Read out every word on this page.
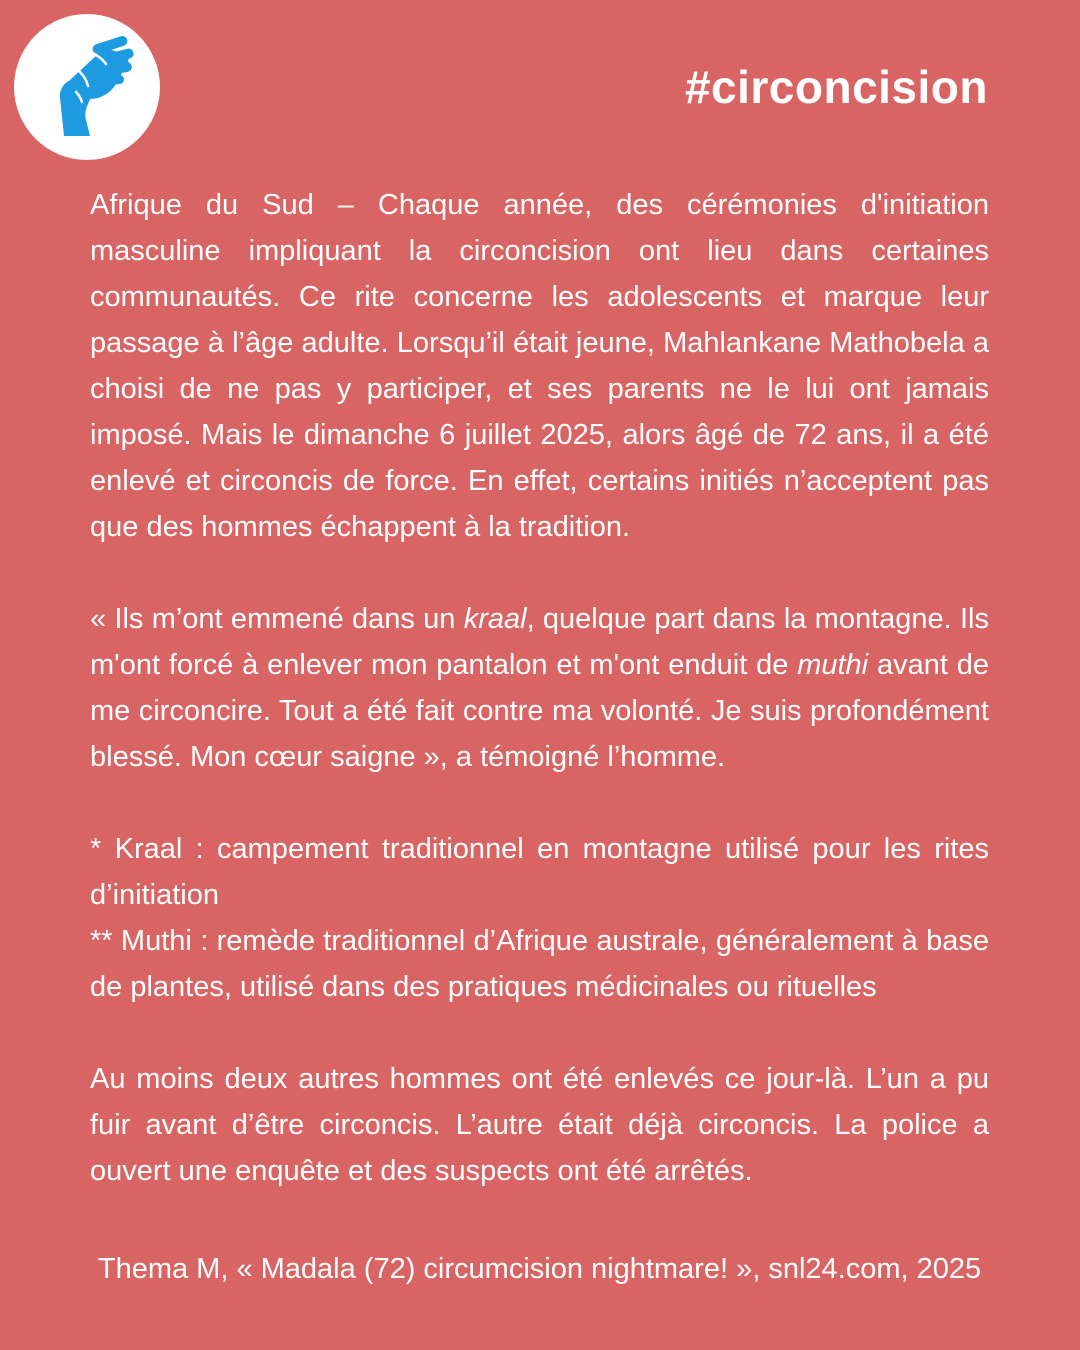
#circoncision

Afrique du Sud – Chaque année, des cérémonies d'initiation masculine impliquant la circoncision ont lieu dans certaines communautés. Ce rite concerne les adolescents et marque leur passage à l’âge adulte. Lorsqu’il était jeune, Mahlankane Mathobela a choisi de ne pas y participer, et ses parents ne le lui ont jamais imposé. Mais le dimanche 6 juillet 2025, alors âgé de 72 ans, il a été enlevé et circoncis de force. En effet, certains initiés n’acceptent pas que des hommes échappent à la tradition.

« Ils m’ont emmené dans un kraal, quelque part dans la montagne. Ils m'ont forcé à enlever mon pantalon et m'ont enduit de muthi avant de me circoncire. Tout a été fait contre ma volonté. Je suis profondément blessé. Mon cœur saigne », a témoigné l’homme.

* Kraal : campement traditionnel en montagne utilisé pour les rites d’initiation

** Muthi : remède traditionnel d’Afrique australe, généralement à base de plantes, utilisé dans des pratiques médicinales ou rituelles

Au moins deux autres hommes ont été enlevés ce jour-là. L’un a pu fuir avant d’être circoncis. L’autre était déjà circoncis. La police a ouvert une enquête et des suspects ont été arrêtés.

Thema M, « Madala (72) circumcision nightmare! », snl24.com, 2025
